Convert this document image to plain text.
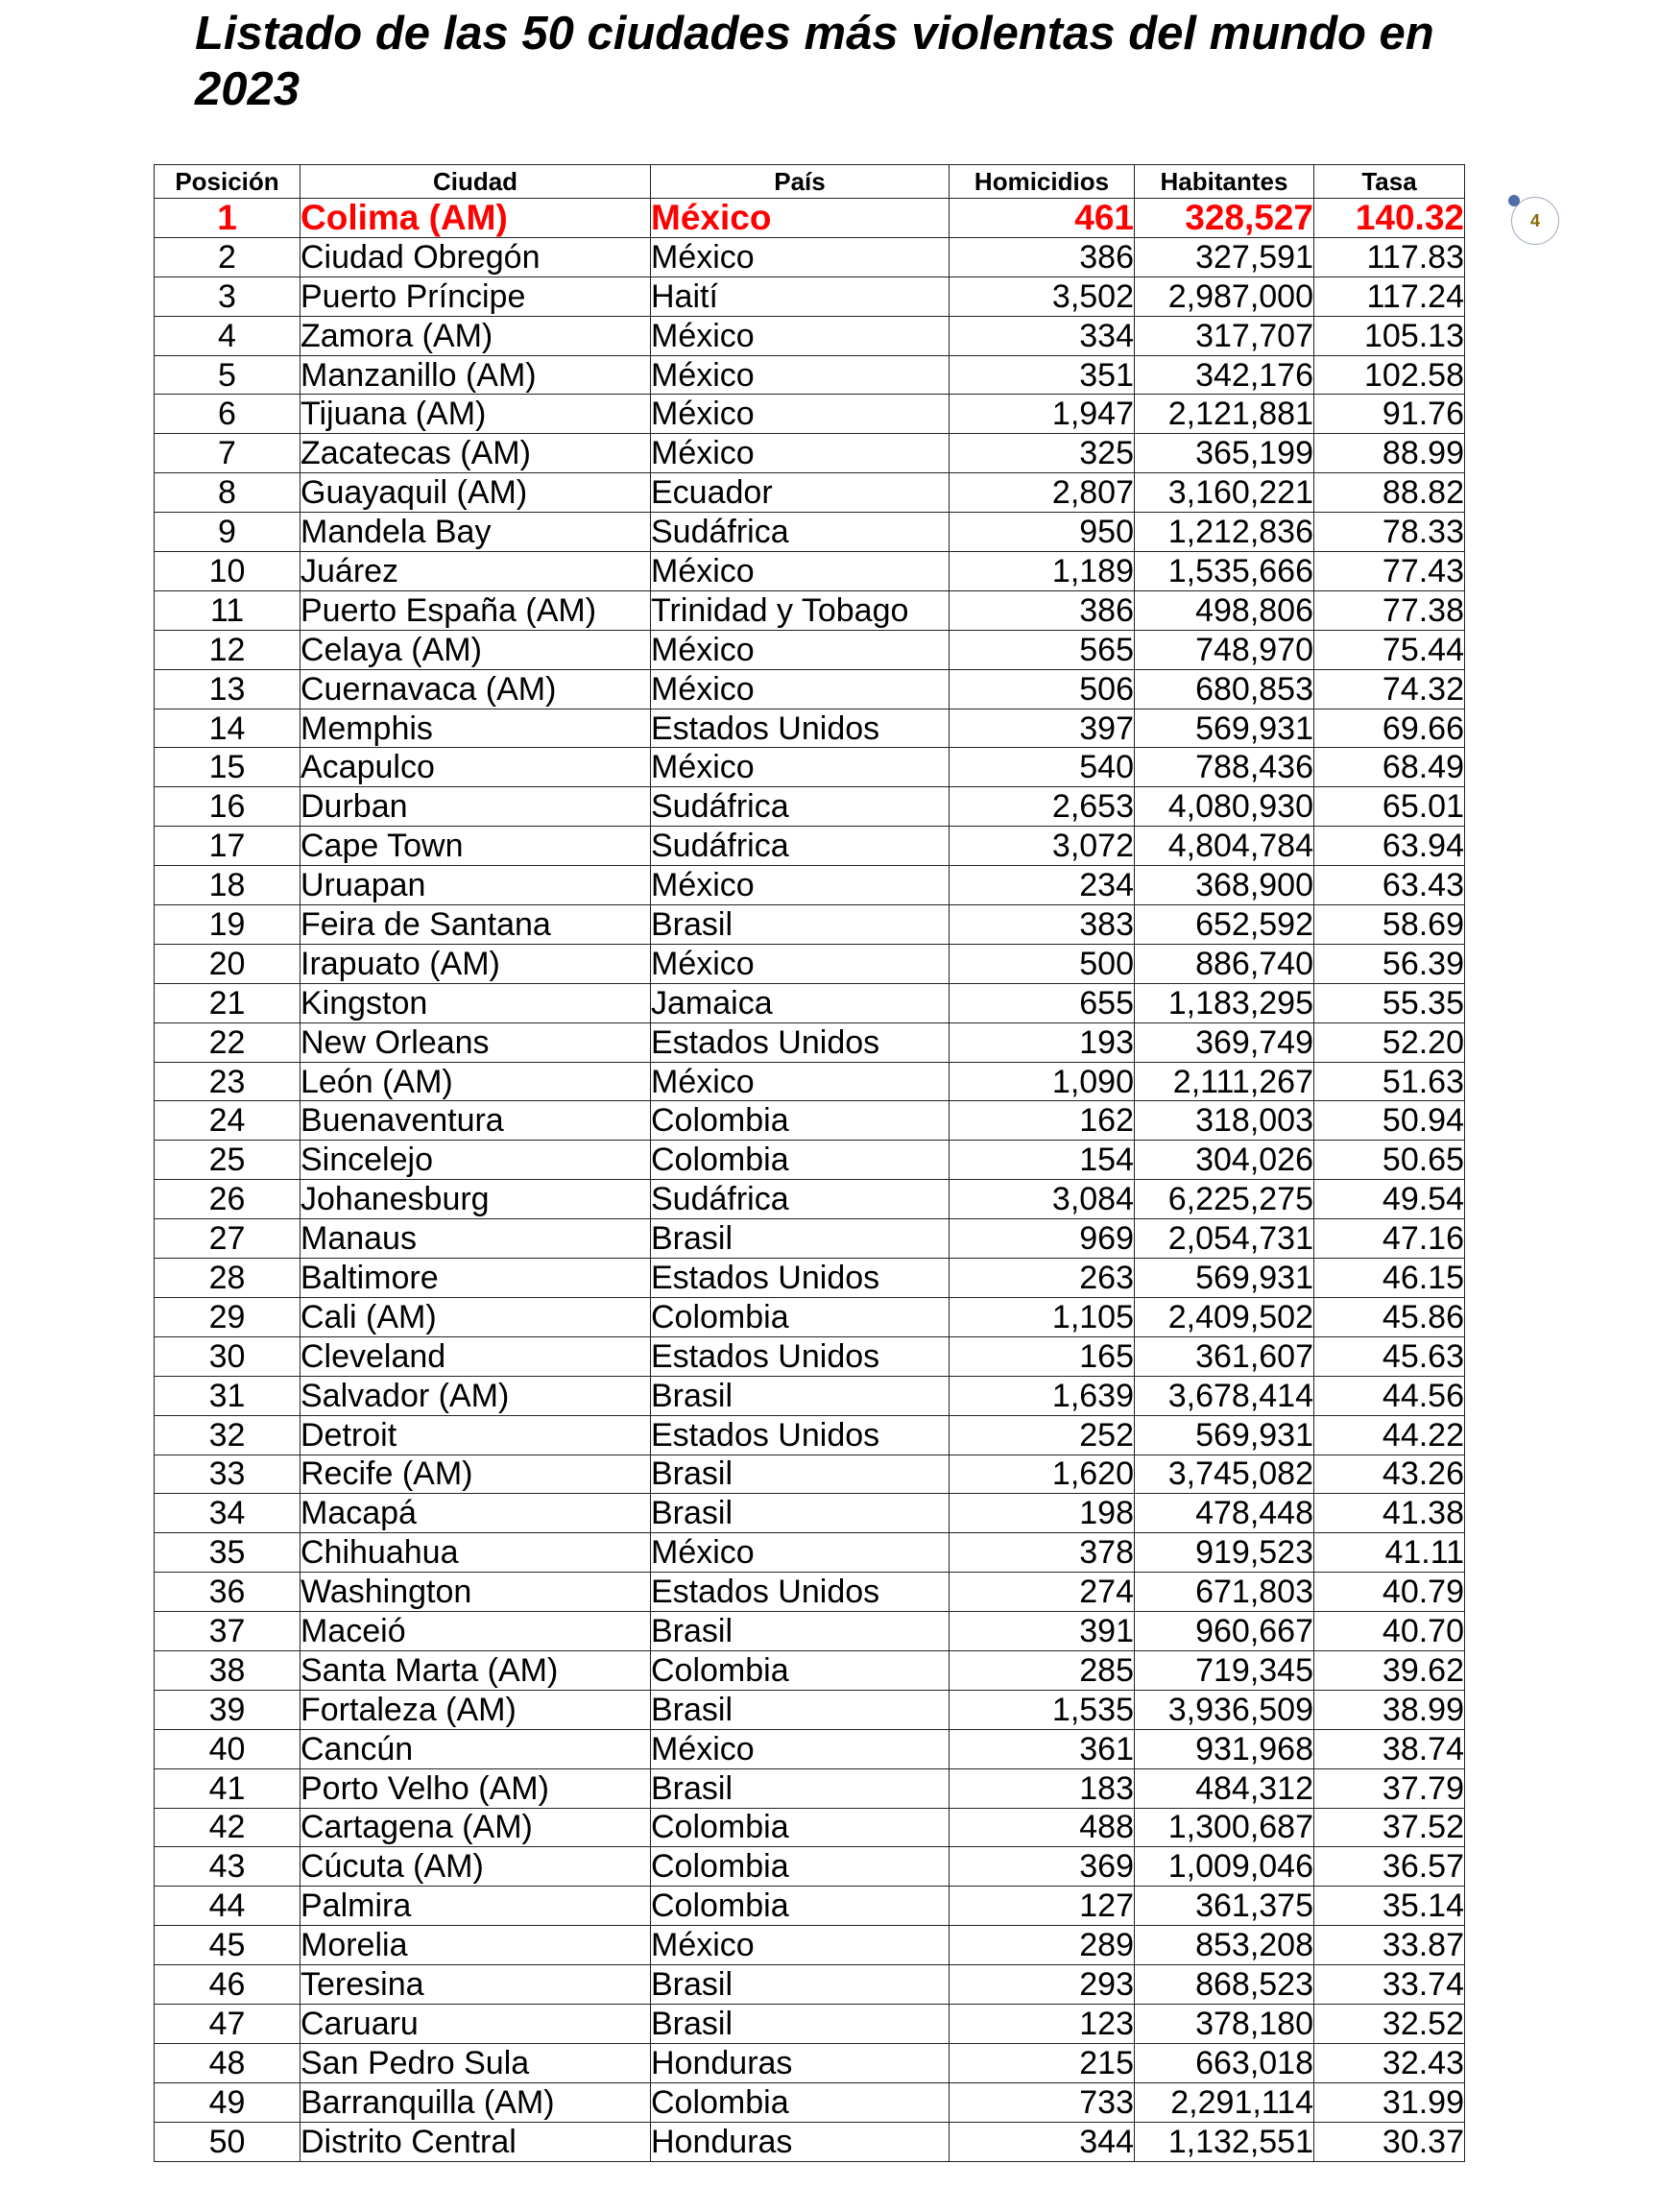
Listado de las 50 ciudades más violentas del mundo en 2023
4
Posición	Ciudad	País	Homicidios	Habitantes	Tasa
1	Colima (AM)	México	461	328,527	140.32
2	Ciudad Obregón	México	386	327,591	117.83
3	Puerto Príncipe	Haití	3,502	2,987,000	117.24
4	Zamora (AM)	México	334	317,707	105.13
5	Manzanillo (AM)	México	351	342,176	102.58
6	Tijuana (AM)	México	1,947	2,121,881	91.76
7	Zacatecas (AM)	México	325	365,199	88.99
8	Guayaquil (AM)	Ecuador	2,807	3,160,221	88.82
9	Mandela Bay	Sudáfrica	950	1,212,836	78.33
10	Juárez	México	1,189	1,535,666	77.43
11	Puerto España (AM)	Trinidad y Tobago	386	498,806	77.38
12	Celaya (AM)	México	565	748,970	75.44
13	Cuernavaca (AM)	México	506	680,853	74.32
14	Memphis	Estados Unidos	397	569,931	69.66
15	Acapulco	México	540	788,436	68.49
16	Durban	Sudáfrica	2,653	4,080,930	65.01
17	Cape Town	Sudáfrica	3,072	4,804,784	63.94
18	Uruapan	México	234	368,900	63.43
19	Feira de Santana	Brasil	383	652,592	58.69
20	Irapuato (AM)	México	500	886,740	56.39
21	Kingston	Jamaica	655	1,183,295	55.35
22	New Orleans	Estados Unidos	193	369,749	52.20
23	León (AM)	México	1,090	2,111,267	51.63
24	Buenaventura	Colombia	162	318,003	50.94
25	Sincelejo	Colombia	154	304,026	50.65
26	Johanesburg	Sudáfrica	3,084	6,225,275	49.54
27	Manaus	Brasil	969	2,054,731	47.16
28	Baltimore	Estados Unidos	263	569,931	46.15
29	Cali (AM)	Colombia	1,105	2,409,502	45.86
30	Cleveland	Estados Unidos	165	361,607	45.63
31	Salvador (AM)	Brasil	1,639	3,678,414	44.56
32	Detroit	Estados Unidos	252	569,931	44.22
33	Recife (AM)	Brasil	1,620	3,745,082	43.26
34	Macapá	Brasil	198	478,448	41.38
35	Chihuahua	México	378	919,523	41.11
36	Washington	Estados Unidos	274	671,803	40.79
37	Maceió	Brasil	391	960,667	40.70
38	Santa Marta (AM)	Colombia	285	719,345	39.62
39	Fortaleza (AM)	Brasil	1,535	3,936,509	38.99
40	Cancún	México	361	931,968	38.74
41	Porto Velho (AM)	Brasil	183	484,312	37.79
42	Cartagena (AM)	Colombia	488	1,300,687	37.52
43	Cúcuta (AM)	Colombia	369	1,009,046	36.57
44	Palmira	Colombia	127	361,375	35.14
45	Morelia	México	289	853,208	33.87
46	Teresina	Brasil	293	868,523	33.74
47	Caruaru	Brasil	123	378,180	32.52
48	San Pedro Sula	Honduras	215	663,018	32.43
49	Barranquilla (AM)	Colombia	733	2,291,114	31.99
50	Distrito Central	Honduras	344	1,132,551	30.37
